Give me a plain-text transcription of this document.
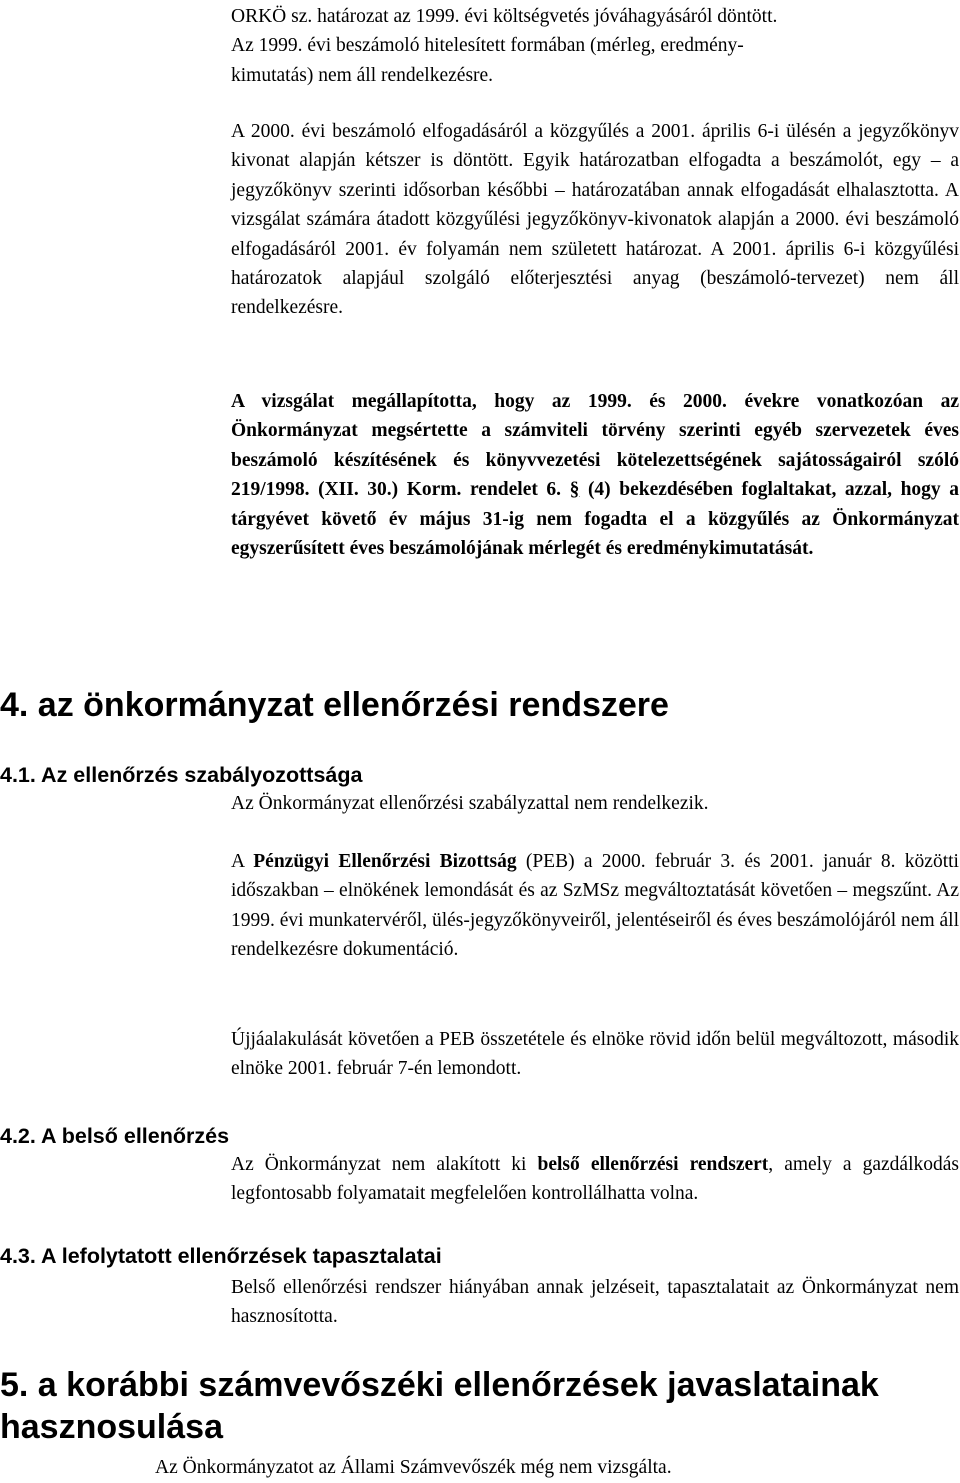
ORKÖ sz. határozat az 1999. évi költségvetés jóváhagyásáról döntött.
Az 1999. évi beszámoló hitelesített formában (mérleg, eredmény-
kimutatás) nem áll rendelkezésre.

A 2000. évi beszámoló elfogadásáról a közgyűlés a 2001. április 6-i ülésén a jegyzőkönyv kivonat alapján kétszer is döntött. Egyik határozatban elfogadta a beszámolót, egy – a jegyzőkönyv szerinti idősorban későbbi – határozatában annak elfogadását elhalasztotta. A vizsgálat számára átadott közgyűlési jegyzőkönyv-kivonatok alapján a 2000. évi beszámoló elfogadásáról 2001. év folyamán nem született határozat. A 2001. április 6-i közgyűlési határozatok alapjául szolgáló előterjesztési anyag (beszámoló-tervezet) nem áll rendelkezésre.

A vizsgálat megállapította, hogy az 1999. és 2000. évekre vonatkozóan az Önkormányzat megsértette a számviteli törvény szerinti egyéb szervezetek éves beszámoló készítésének és könyvvezetési kötelezettségének sajátosságairól szóló 219/1998. (XII. 30.) Korm. rendelet 6. § (4) bekezdésében foglaltakat, azzal, hogy a tárgyévet követő év május 31-ig nem fogadta el a közgyűlés az Önkormányzat egyszerűsített éves beszámolójának mérlegét és eredménykimutatását.

4. az önkormányzat ellenőrzési rendszere
4.1. Az ellenőrzés szabályozottsága

Az Önkormányzat ellenőrzési szabályzattal nem rendelkezik.

A Pénzügyi Ellenőrzési Bizottság (PEB) a 2000. február 3. és 2001. január 8. közötti időszakban – elnökének lemondását és az SzMSz megváltoztatását követően – megszűnt. Az 1999. évi munkatervéről, ülés-jegyzőkönyveiről, jelentéseiről és éves beszámolójáról nem áll rendelkezésre dokumentáció.

Újjáalakulását követően a PEB összetétele és elnöke rövid időn belül megváltozott, második elnöke 2001. február 7-én lemondott.

4.2. A belső ellenőrzés

Az Önkormányzat nem alakított ki belső ellenőrzési rendszert, amely a gazdálkodás legfontosabb folyamatait megfelelően kontrollálhatta volna.

4.3. A lefolytatott ellenőrzések tapasztalatai

Belső ellenőrzési rendszer hiányában annak jelzéseit, tapasztalatait az Önkormányzat nem hasznosította.

5. a korábbi számvevőszéki ellenőrzések javaslatainak hasznosulása

Az Önkormányzatot az Állami Számvevőszék még nem vizsgálta.
